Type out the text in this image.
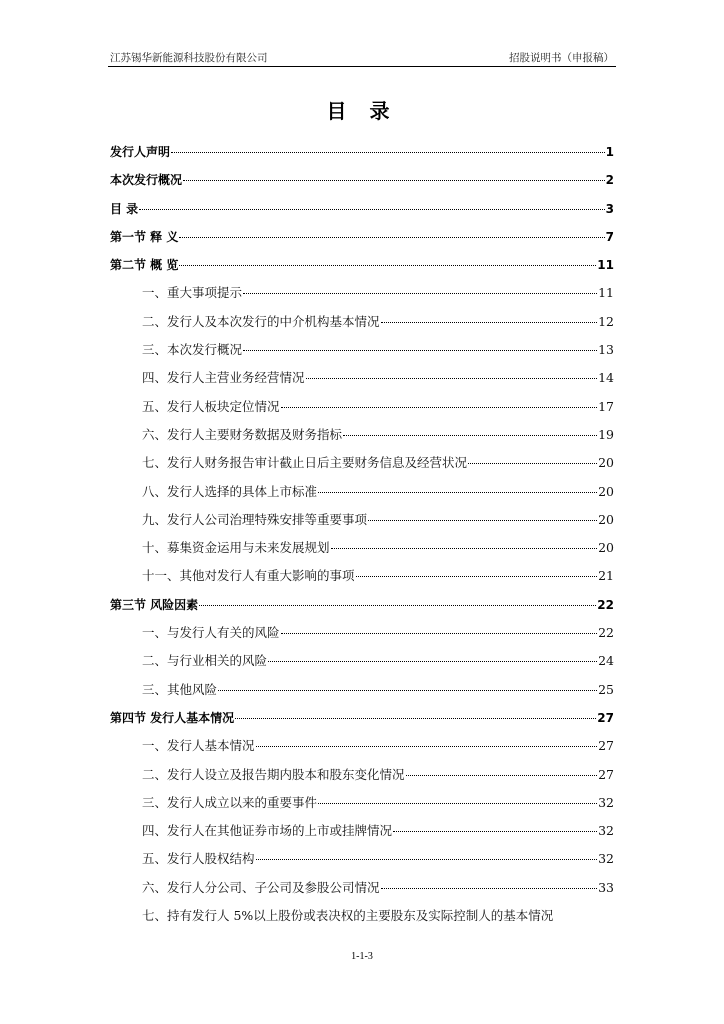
江苏锡华新能源科技股份有限公司	招股说明书（申报稿）
目 录
发行人声明	1
本次发行概况	2
目 录	3
第一节 释 义	7
第二节 概 览	11
一、重大事项提示	11
二、发行人及本次发行的中介机构基本情况	12
三、本次发行概况	13
四、发行人主营业务经营情况	14
五、发行人板块定位情况	17
六、发行人主要财务数据及财务指标	19
七、发行人财务报告审计截止日后主要财务信息及经营状况	20
八、发行人选择的具体上市标准	20
九、发行人公司治理特殊安排等重要事项	20
十、募集资金运用与未来发展规划	20
十一、其他对发行人有重大影响的事项	21
第三节 风险因素	22
一、与发行人有关的风险	22
二、与行业相关的风险	24
三、其他风险	25
第四节 发行人基本情况	27
一、发行人基本情况	27
二、发行人设立及报告期内股本和股东变化情况	27
三、发行人成立以来的重要事件	32
四、发行人在其他证券市场的上市或挂牌情况	32
五、发行人股权结构	32
六、发行人分公司、子公司及参股公司情况	33
七、持有发行人 5%以上股份或表决权的主要股东及实际控制人的基本情况
1-1-3
